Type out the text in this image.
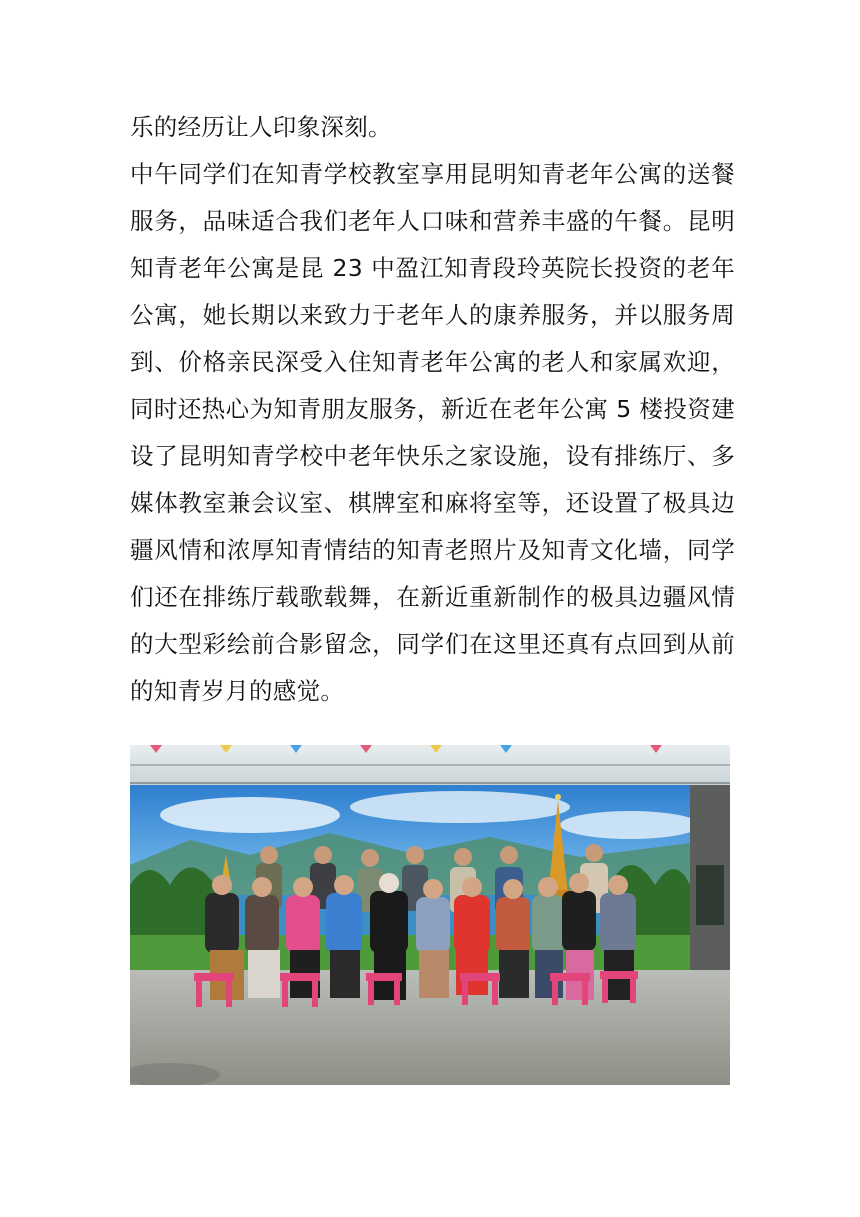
乐的经历让人印象深刻。

中午同学们在知青学校教室享用昆明知青老年公寓的送餐服务，品味适合我们老年人口味和营养丰盛的午餐。昆明知青老年公寓是昆 23 中盈江知青段玲英院长投资的老年公寓，她长期以来致力于老年人的康养服务，并以服务周到、价格亲民深受入住知青老年公寓的老人和家属欢迎，同时还热心为知青朋友服务，新近在老年公寓 5 楼投资建设了昆明知青学校中老年快乐之家设施，设有排练厅、多媒体教室兼会议室、棋牌室和麻将室等，还设置了极具边疆风情和浓厚知青情结的知青老照片及知青文化墙，同学们还在排练厅载歌载舞，在新近重新制作的极具边疆风情的大型彩绘前合影留念，同学们在这里还真有点回到从前的知青岁月的感觉。
